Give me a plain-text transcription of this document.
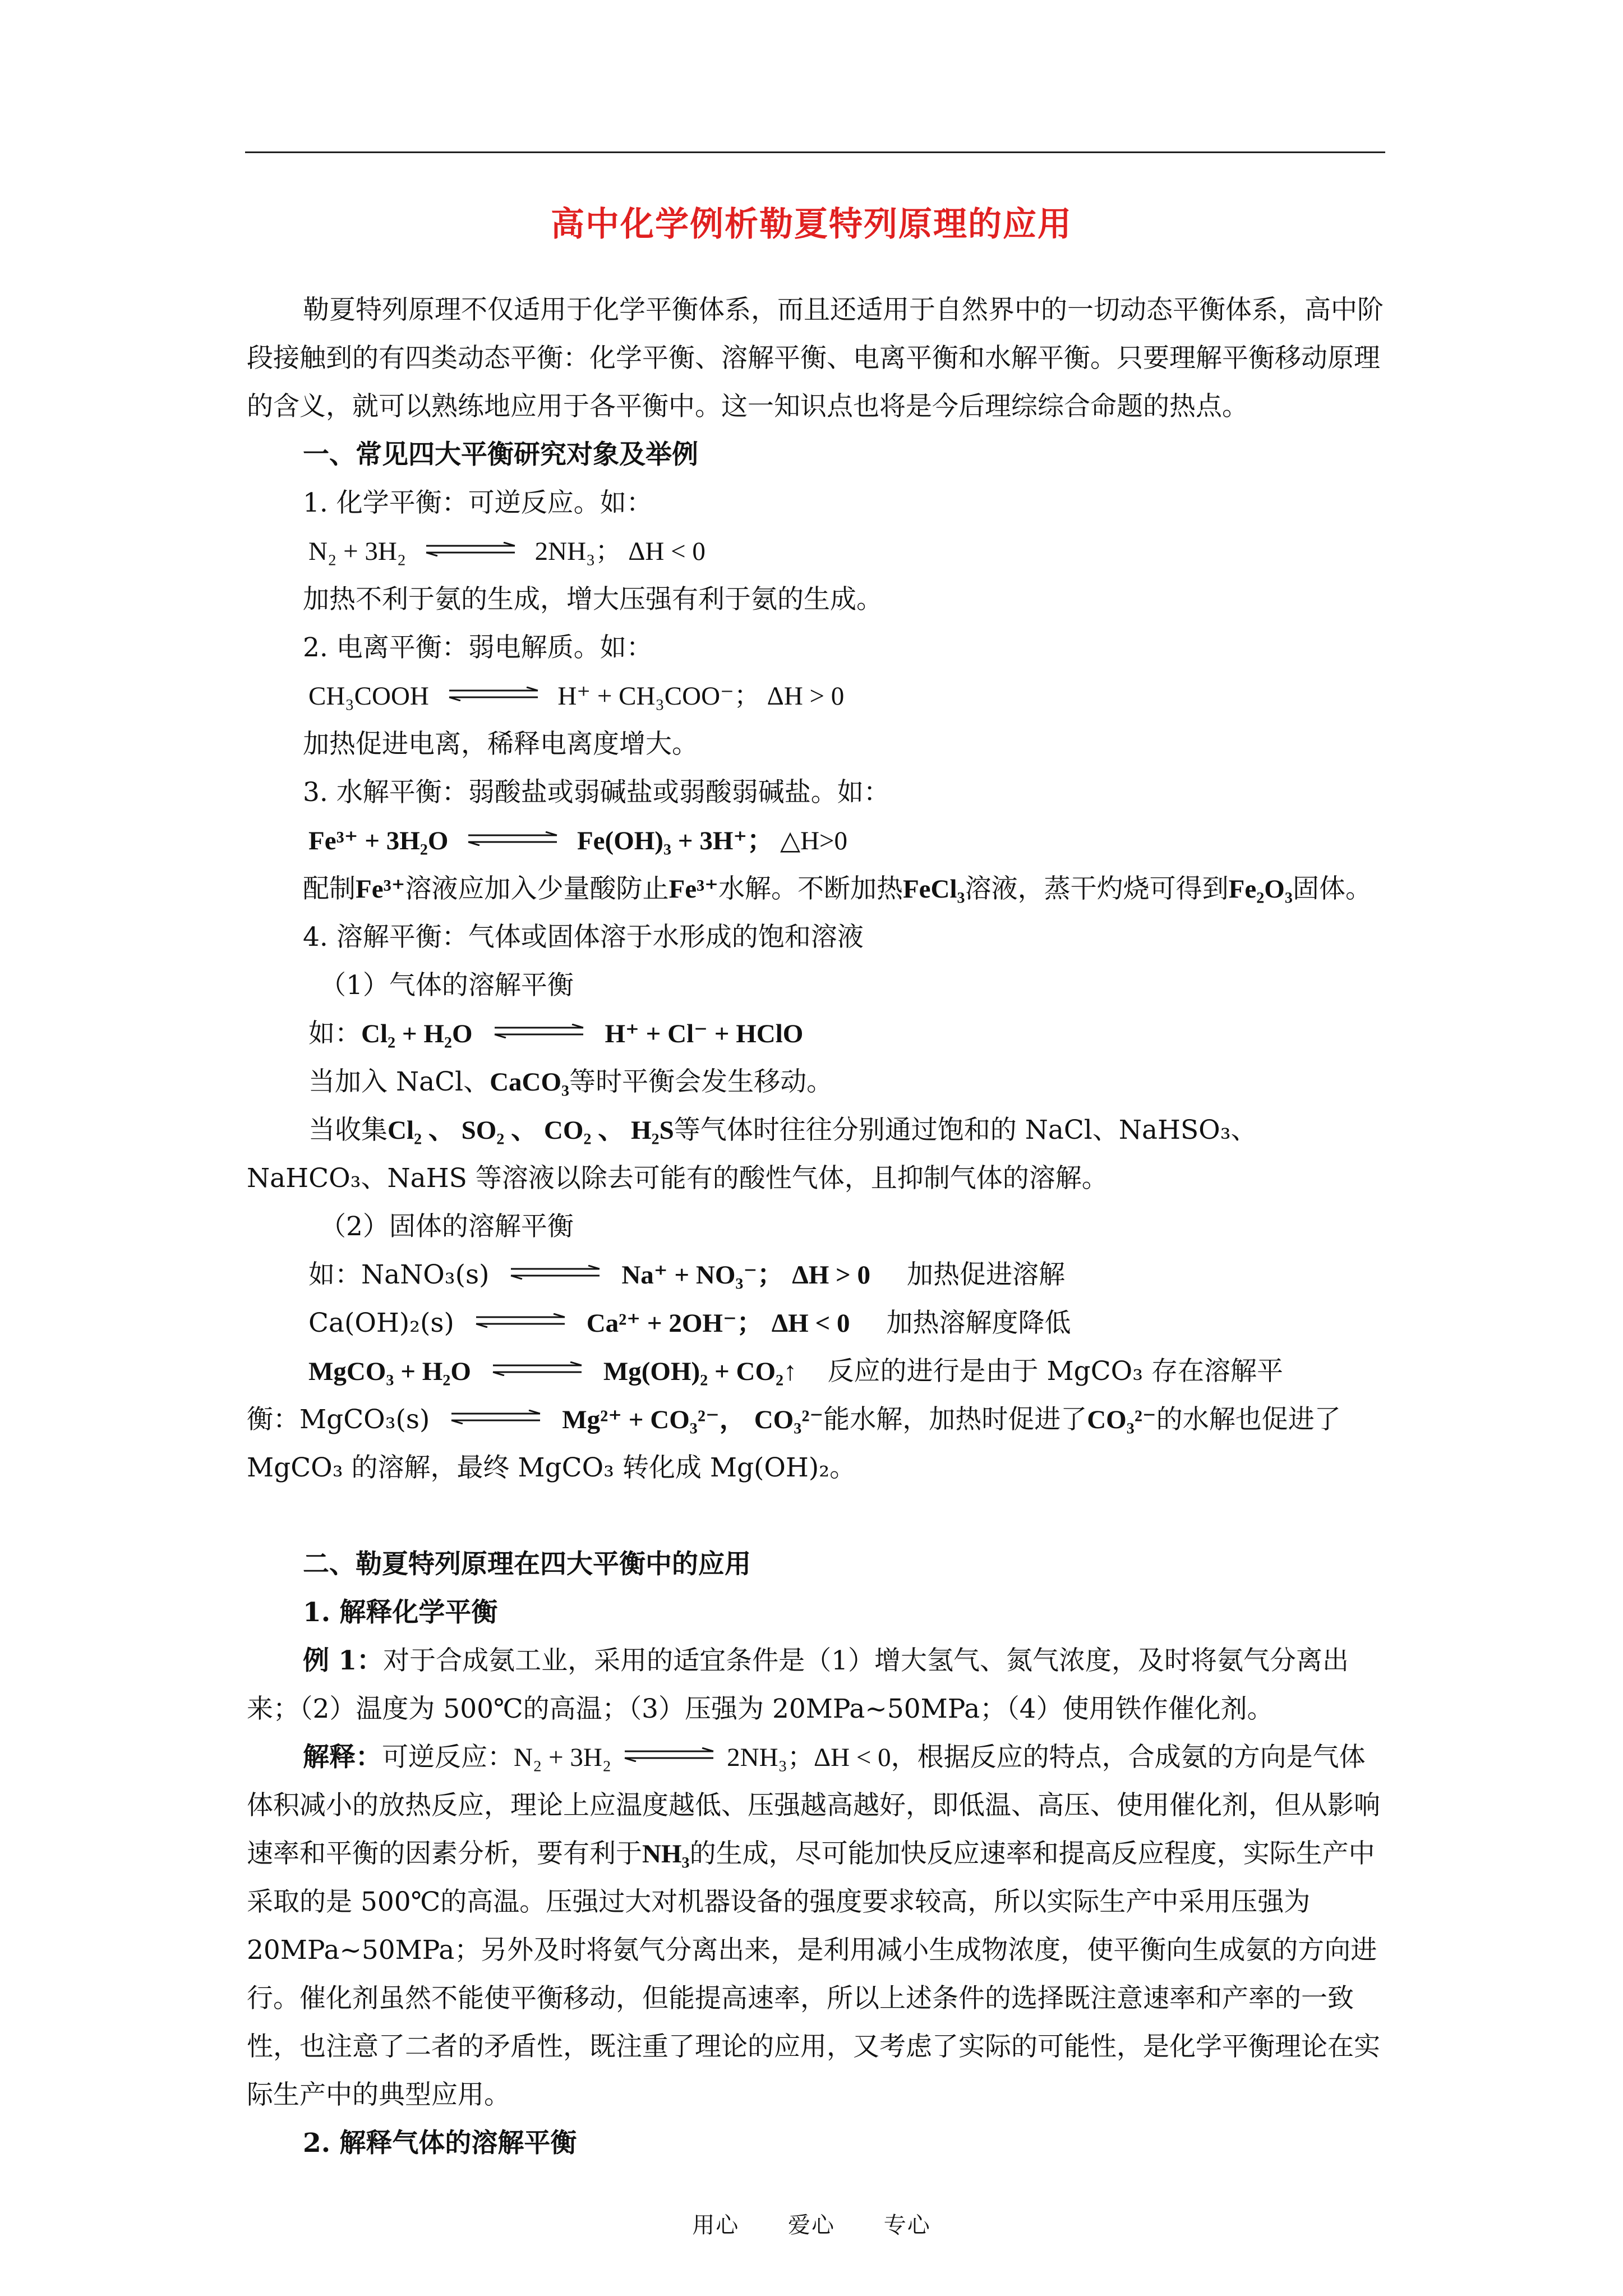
高中化学例析勒夏特列原理的应用

勒夏特列原理不仅适用于化学平衡体系，而且还适用于自然界中的一切动态平衡体系，高中阶段接触到的有四类动态平衡：化学平衡、溶解平衡、电离平衡和水解平衡。只要理解平衡移动原理的含义，就可以熟练地应用于各平衡中。这一知识点也将是今后理综综合命题的热点。

一、常见四大平衡研究对象及举例

1. 化学平衡：可逆反应。如：

N₂ + 3H₂ ⇌ 2NH₃； ΔH < 0

加热不利于氨的生成，增大压强有利于氨的生成。

2. 电离平衡：弱电解质。如：

CH₃COOH ⇌ H⁺ + CH₃COO⁻； ΔH > 0

加热促进电离，稀释电离度增大。

3. 水解平衡：弱酸盐或弱碱盐或弱酸弱碱盐。如：

Fe³⁺ + 3H₂O ⇌ Fe(OH)₃ + 3H⁺； △H>0

配制Fe³⁺溶液应加入少量酸防止Fe³⁺水解。不断加热FeCl₃溶液，蒸干灼烧可得到Fe₂O₃固体。

4. 溶解平衡：气体或固体溶于水形成的饱和溶液

（1）气体的溶解平衡

如：Cl₂ + H₂O ⇌ H⁺ + Cl⁻ + HClO

当加入 NaCl、CaCO₃等时平衡会发生移动。

当收集Cl₂ 、 SO₂ 、 CO₂ 、 H₂S等气体时往往分别通过饱和的 NaCl、NaHSO₃、

NaHCO₃、NaHS 等溶液以除去可能有的酸性气体，且抑制气体的溶解。

（2）固体的溶解平衡

如：NaNO₃(s) ⇌ Na⁺ + NO₃⁻； ΔH > 0 加热促进溶解

Ca(OH)₂(s) ⇌ Ca²⁺ + 2OH⁻； ΔH < 0 加热溶解度降低

MgCO₃ + H₂O ⇌ Mg(OH)₂ + CO₂↑ 反应的进行是由于 MgCO₃ 存在溶解平

衡：MgCO₃(s) ⇌ Mg²⁺ + CO₃²⁻， CO₃²⁻能水解，加热时促进了CO₃²⁻的水解也促进了

MgCO₃ 的溶解，最终 MgCO₃ 转化成 Mg(OH)₂。

二、勒夏特列原理在四大平衡中的应用

1. 解释化学平衡

例 1：对于合成氨工业，采用的适宜条件是（1）增大氢气、氮气浓度，及时将氨气分离出来；（2）温度为 500℃的高温；（3）压强为 20MPa~50MPa；（4）使用铁作催化剂。

解释：可逆反应：N₂ + 3H₂ ⇌ 2NH₃；ΔH < 0，根据反应的特点，合成氨的方向是气体体积减小的放热反应，理论上应温度越低、压强越高越好，即低温、高压、使用催化剂，但从影响速率和平衡的因素分析，要有利于NH₃的生成，尽可能加快反应速率和提高反应程度，实际生产中采取的是 500℃的高温。压强过大对机器设备的强度要求较高，所以实际生产中采用压强为 20MPa~50MPa；另外及时将氨气分离出来，是利用减小生成物浓度，使平衡向生成氨的方向进行。催化剂虽然不能使平衡移动，但能提高速率，所以上述条件的选择既注意速率和产率的一致性，也注意了二者的矛盾性，既注重了理论的应用，又考虑了实际的可能性，是化学平衡理论在实际生产中的典型应用。

2. 解释气体的溶解平衡

用心 爱心 专心
